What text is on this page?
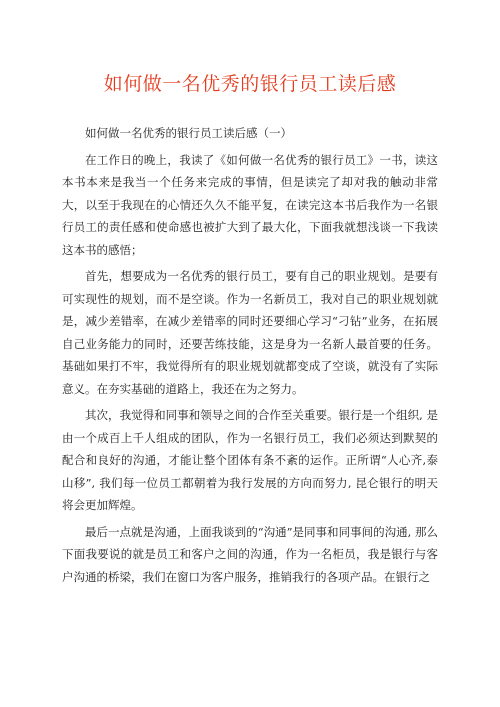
如何做一名优秀的银行员工读后感

如何做一名优秀的银行员工读后感（一）

在工作日的晚上，我读了《如何做一名优秀的银行员工》一书，读这本书本来是我当一个任务来完成的事情，但是读完了却对我的触动非常大，以至于我现在的心情还久久不能平复，在读完这本书后我作为一名银行员工的责任感和使命感也被扩大到了最大化，下面我就想浅谈一下我读这本书的感悟；

首先，想要成为一名优秀的银行员工，要有自己的职业规划。是要有可实现性的规划，而不是空谈。作为一名新员工，我对自己的职业规划就是，减少差错率，在减少差错率的同时还要细心学习“刁钻”业务，在拓展自己业务能力的同时，还要苦练技能，这是身为一名新人最首要的任务。基础如果打不牢，我觉得所有的职业规划就都变成了空谈，就没有了实际意义。在夯实基础的道路上，我还在为之努力。

其次，我觉得和同事和领导之间的合作至关重要。银行是一个组织, 是由一个成百上千人组成的团队，作为一名银行员工，我们必须达到默契的配合和良好的沟通，才能让整个团体有条不紊的运作。正所谓“人心齐,泰山移”, 我们每一位员工都朝着为我行发展的方向而努力, 昆仑银行的明天将会更加辉煌。

最后一点就是沟通，上面我谈到的“沟通”是同事和同事间的沟通, 那么下面我要说的就是员工和客户之间的沟通，作为一名柜员，我是银行与客户沟通的桥梁，我们在窗口为客户服务，推销我行的各项产品。在银行之
